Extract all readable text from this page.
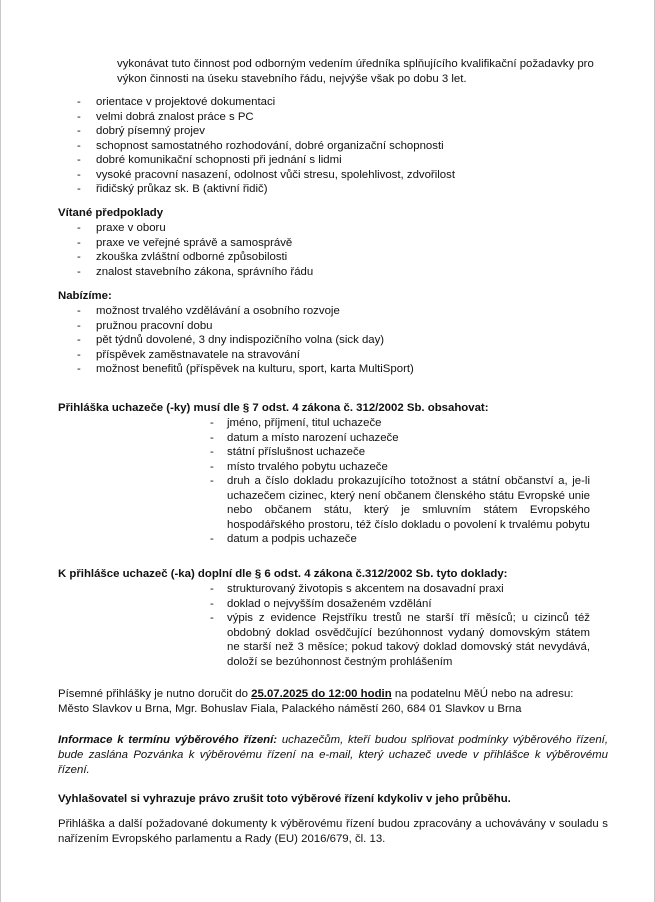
vykonávat tuto činnost pod odborným vedením úředníka splňujícího kvalifikační požadavky pro výkon činnosti na úseku stavebního řádu, nejvýše však po dobu 3 let.

- orientace v projektové dokumentaci
- velmi dobrá znalost práce s PC
- dobrý písemný projev
- schopnost samostatného rozhodování, dobré organizační schopnosti
- dobré komunikační schopnosti při jednání s lidmi
- vysoké pracovní nasazení, odolnost vůči stresu, spolehlivost, zdvořilost
- řidičský průkaz sk. B (aktivní řidič)
Vítané předpoklady
- praxe v oboru
- praxe ve veřejné správě a samosprávě
- zkouška zvláštní odborné způsobilosti
- znalost stavebního zákona, správního řádu
Nabízíme:
- možnost trvalého vzdělávání a osobního rozvoje
- pružnou pracovní dobu
- pět týdnů dovolené, 3 dny indispozičního volna (sick day)
- příspěvek zaměstnavatele na stravování
- možnost benefitů (příspěvek na kulturu, sport, karta MultiSport)
Přihláška uchazeče (-ky) musí dle § 7 odst. 4 zákona č. 312/2002 Sb. obsahovat:
- jméno, příjmení, titul uchazeče
- datum a místo narození uchazeče
- státní příslušnost uchazeče
- místo trvalého pobytu uchazeče
- druh a číslo dokladu prokazujícího totožnost a státní občanství a, je-li uchazečem cizinec, který není občanem členského státu Evropské unie nebo občanem státu, který je smluvním státem Evropského hospodářského prostoru, též číslo dokladu o povolení k trvalému pobytu
- datum a podpis uchazeče
K přihlášce uchazeč (-ka) doplní dle § 6 odst. 4 zákona č.312/2002 Sb. tyto doklady:
- strukturovaný životopis s akcentem na dosavadní praxi
- doklad o nejvyšším dosaženém vzdělání
- výpis z evidence Rejstříku trestů ne starší tří měsíců; u cizinců též obdobný doklad osvědčující bezúhonnost vydaný domovským státem ne starší než 3 měsíce; pokud takový doklad domovský stát nevydává, doloží se bezúhonnost čestným prohlášením
Písemné přihlášky je nutno doručit do 25.07.2025 do 12:00 hodin na podatelnu MěÚ nebo na adresu:
Město Slavkov u Brna, Mgr. Bohuslav Fiala, Palackého náměstí 260, 684 01 Slavkov u Brna
Informace k termínu výběrového řízení: uchazečům, kteří budou splňovat podmínky výběrového řízení, bude zaslána Pozvánka k výběrovému řízení na e-mail, který uchazeč uvede v přihlášce k výběrovému řízení.
Vyhlašovatel si vyhrazuje právo zrušit toto výběrové řízení kdykoliv v jeho průběhu.
Přihláška a další požadované dokumenty k výběrovému řízení budou zpracovány a uchovávány v souladu s nařízením Evropského parlamentu a Rady (EU) 2016/679, čl. 13.
